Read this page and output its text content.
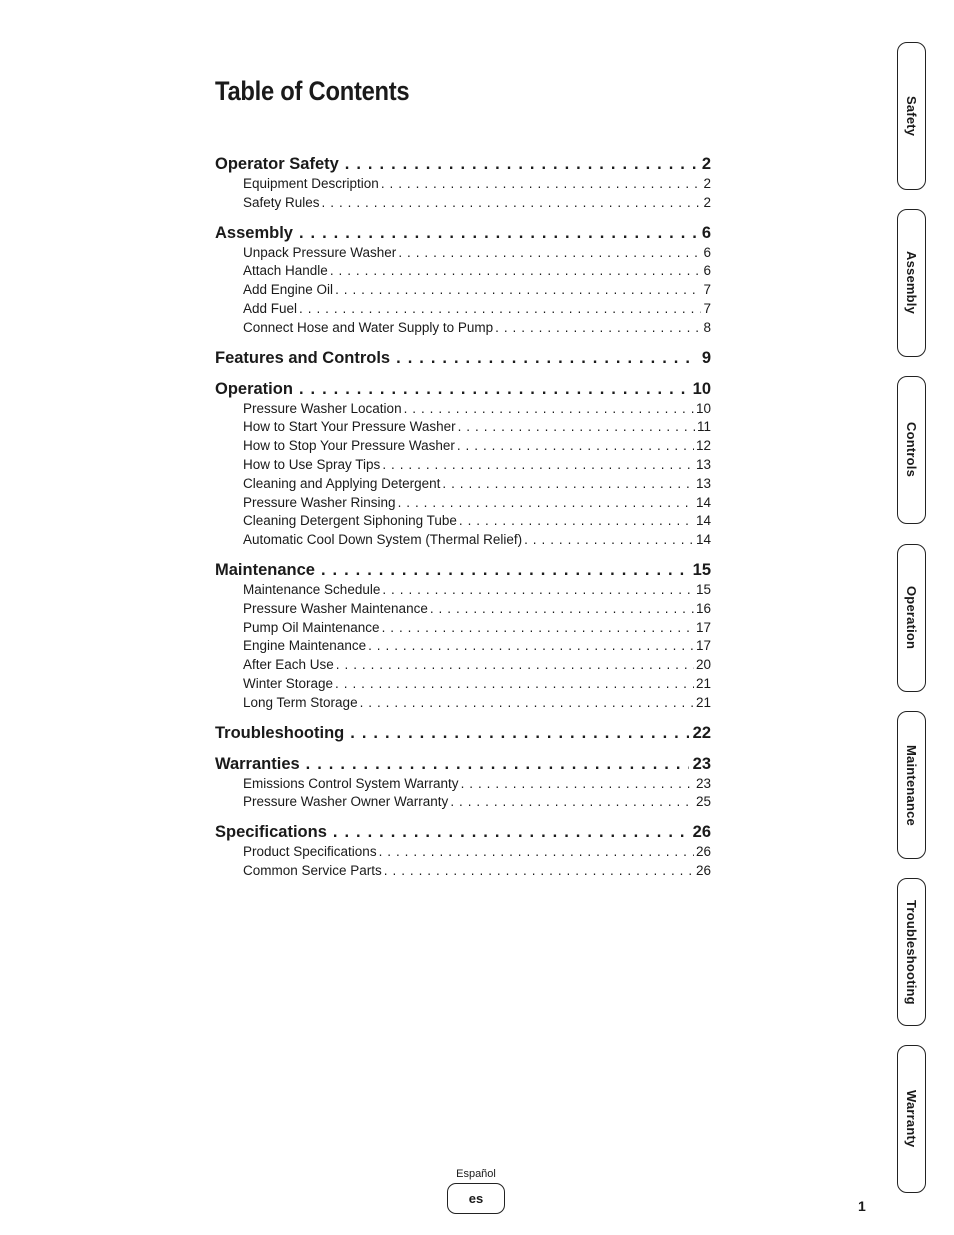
Table of Contents
Operator Safety . . .	2
Equipment Description . . .	2
Safety Rules . . .	2
Assembly . . .	6
Unpack Pressure Washer . . .	6
Attach Handle . . .	6
Add Engine Oil . . .	7
Add Fuel . . .	7
Connect Hose and Water Supply to Pump . . .	8
Features and Controls . . .	9
Operation . . .	10
Pressure Washer Location . . .	10
How to Start Your Pressure Washer . . .	11
How to Stop Your Pressure Washer . . .	12
How to Use Spray Tips . . .	13
Cleaning and Applying Detergent . . .	13
Pressure Washer Rinsing . . .	14
Cleaning Detergent Siphoning Tube . . .	14
Automatic Cool Down System (Thermal Relief) . . .	14
Maintenance . . .	15
Maintenance Schedule . . .	15
Pressure Washer Maintenance . . .	16
Pump Oil Maintenance . . .	17
Engine Maintenance . . .	17
After Each Use . . .	20
Winter Storage . . .	21
Long Term Storage . . .	21
Troubleshooting . . .	22
Warranties . . .	23
Emissions Control System Warranty . . .	23
Pressure Washer Owner Warranty . . .	25
Specifications . . .	26
Product Specifications . . .	26
Common Service Parts . . .	26
Safety
Assembly
Controls
Operation
Maintenance
Troubleshooting
Warranty
Español
es	1
